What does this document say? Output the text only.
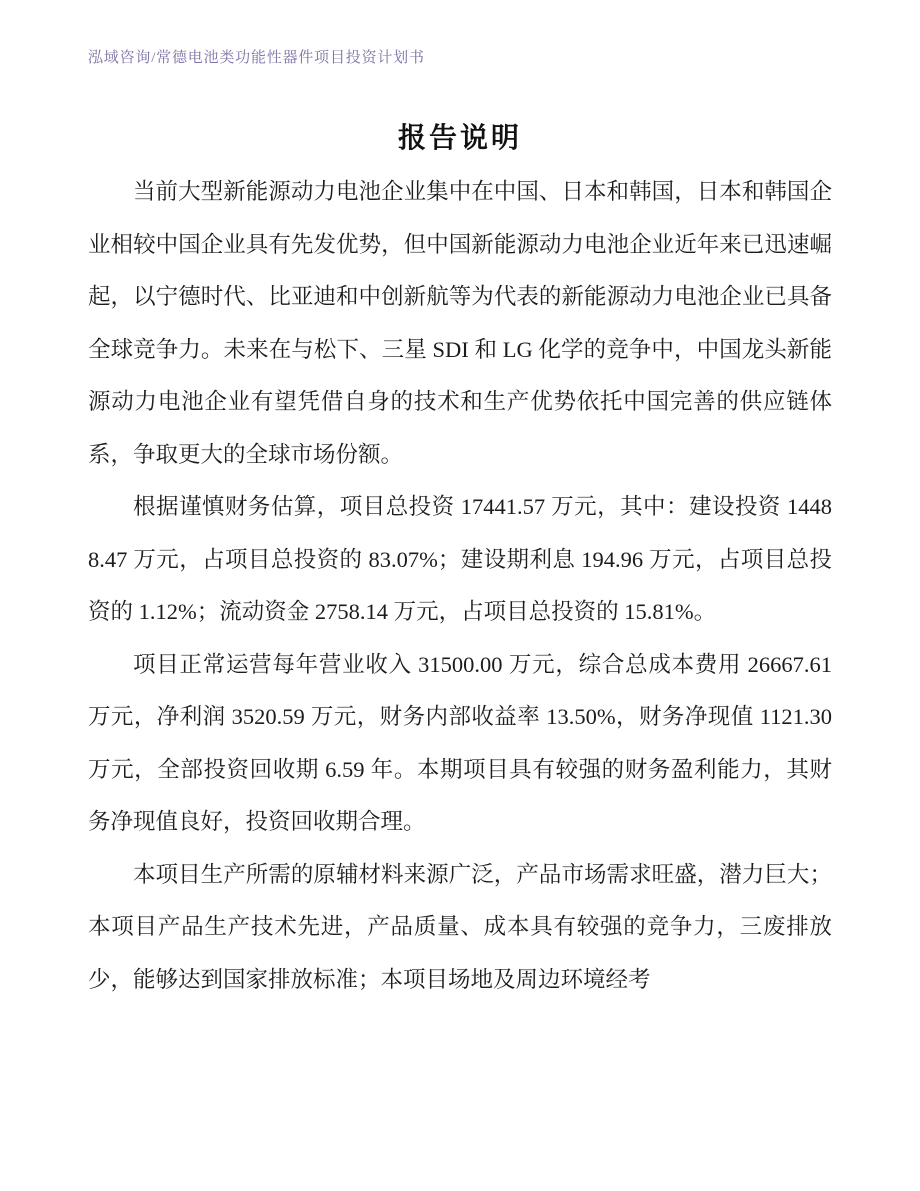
泓域咨询/常德电池类功能性器件项目投资计划书
报告说明

当前大型新能源动力电池企业集中在中国、日本和韩国，日本和韩国企业相较中国企业具有先发优势，但中国新能源动力电池企业近年来已迅速崛起，以宁德时代、比亚迪和中创新航等为代表的新能源动力电池企业已具备全球竞争力。未来在与松下、三星 SDI 和 LG 化学的竞争中，中国龙头新能源动力电池企业有望凭借自身的技术和生产优势依托中国完善的供应链体系，争取更大的全球市场份额。

根据谨慎财务估算，项目总投资 17441.57 万元，其中：建设投资 14488.47 万元，占项目总投资的 83.07%；建设期利息 194.96 万元，占项目总投资的 1.12%；流动资金 2758.14 万元，占项目总投资的 15.81%。

项目正常运营每年营业收入 31500.00 万元，综合总成本费用 26667.61 万元，净利润 3520.59 万元，财务内部收益率 13.50%，财务净现值 1121.30 万元，全部投资回收期 6.59 年。本期项目具有较强的财务盈利能力，其财务净现值良好，投资回收期合理。

本项目生产所需的原辅材料来源广泛，产品市场需求旺盛，潜力巨大；本项目产品生产技术先进，产品质量、成本具有较强的竞争力，三废排放少，能够达到国家排放标准；本项目场地及周边环境经考
